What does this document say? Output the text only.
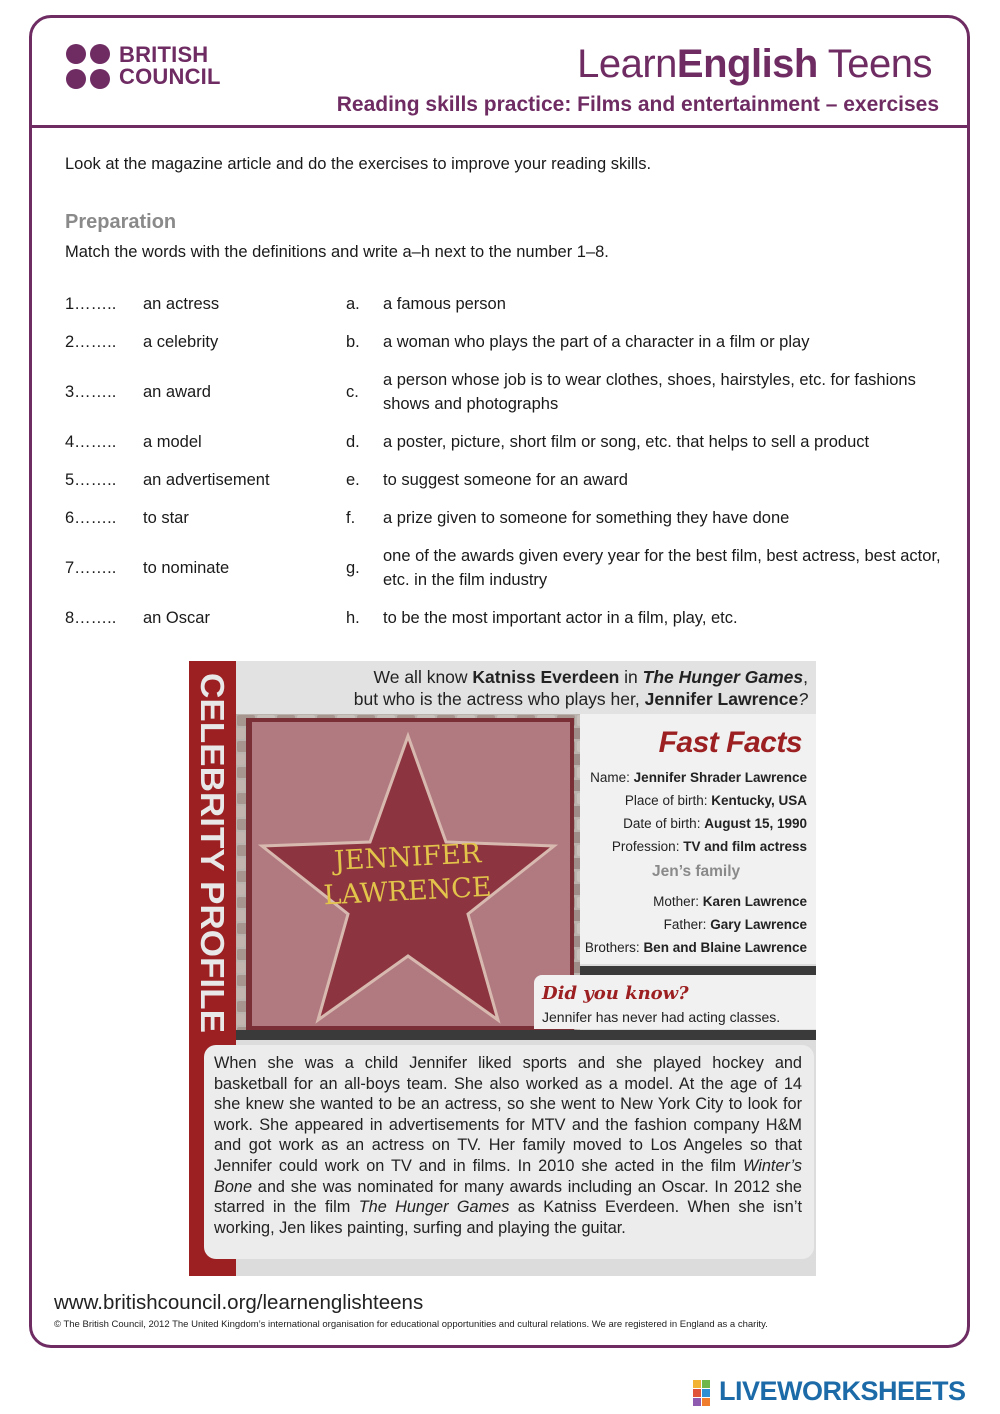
BRITISH
COUNCIL	LearnEnglish Teens
Reading skills practice: Films and entertainment – exercises
Look at the magazine article and do the exercises to improve your reading skills.
Preparation
Match the words with the definitions and write a–h next to the number 1–8.
1……..	an actress	a.	a famous person
2……..	a celebrity	b.	a woman who plays the part of a character in a film or play
3……..	an award	c.
a person whose job is to wear clothes, shoes, hairstyles, etc. for fashions shows and photographs
4……..	a model	d.	a poster, picture, short film or song, etc. that helps to sell a product
5……..	an advertisement	e.	to suggest someone for an award
6……..	to star	f.	a prize given to someone for something they have done
7……..	to nominate	g.
one of the awards given every year for the best film, best actress, best actor, etc. in the film industry
8……..	an Oscar	h.	to be the most important actor in a film, play, etc.
CELEBRITY PROFILE	We all know Katniss Everdeen in The Hunger Games,
but who is the actress who plays her, Jennifer Lawrence?
JENNIFER
LAWRENCE
Fast Facts
Name: Jennifer Shrader Lawrence
Place of birth: Kentucky, USA
Date of birth: August 15, 1990
Profession: TV and film actress
Jen’s family
Mother: Karen Lawrence
Father: Gary Lawrence
Brothers: Ben and Blaine Lawrence
Did you know?
Jennifer has never had acting classes.
When she was a child Jennifer liked sports and she played hockey and basketball for an all-boys team. She also worked as a model. At the age of 14 she knew she wanted to be an actress, so she went to New York City to look for work. She appeared in advertisements for MTV and the fashion company H&M and got work as an actress on TV. Her family moved to Los Angeles so that Jennifer could work on TV and in films. In 2010 she acted in the film Winter’s Bone and she was nominated for many awards including an Oscar. In 2012 she starred in the film The Hunger Games as Katniss Everdeen. When she isn’t working, Jen likes painting, surfing and playing the guitar.
www.britishcouncil.org/learnenglishteens
© The British Council, 2012 The United Kingdom’s international organisation for educational opportunities and cultural relations. We are registered in England as a charity.
LIVEWORKSHEETS
